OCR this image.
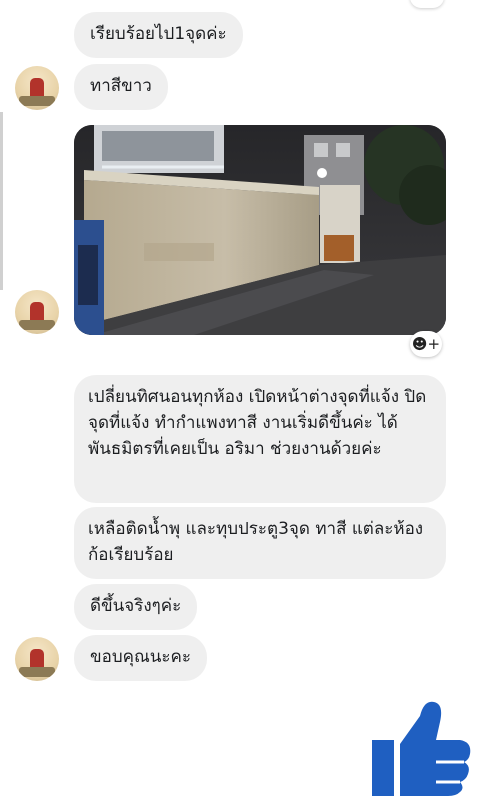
เรียบร้อยไป1จุดค่ะ
ทาสีขาว
☻+
เปลี่ยนทิศนอนทุกห้อง เปิดหน้าต่างจุดที่แจ้ง ปิดจุดที่แจ้ง ทำกำแพงทาสี งานเริ่มดีขึ้นค่ะ ได้พันธมิตรที่เคยเป็น อริมา ช่วยงานด้วยค่ะ
เหลือติดน้ำพุ และทุบประตู3จุด ทาสี แต่ละห้อง ก้อเรียบร้อย
ดีขึ้นจริงๆค่ะ
ขอบคุณนะคะ
